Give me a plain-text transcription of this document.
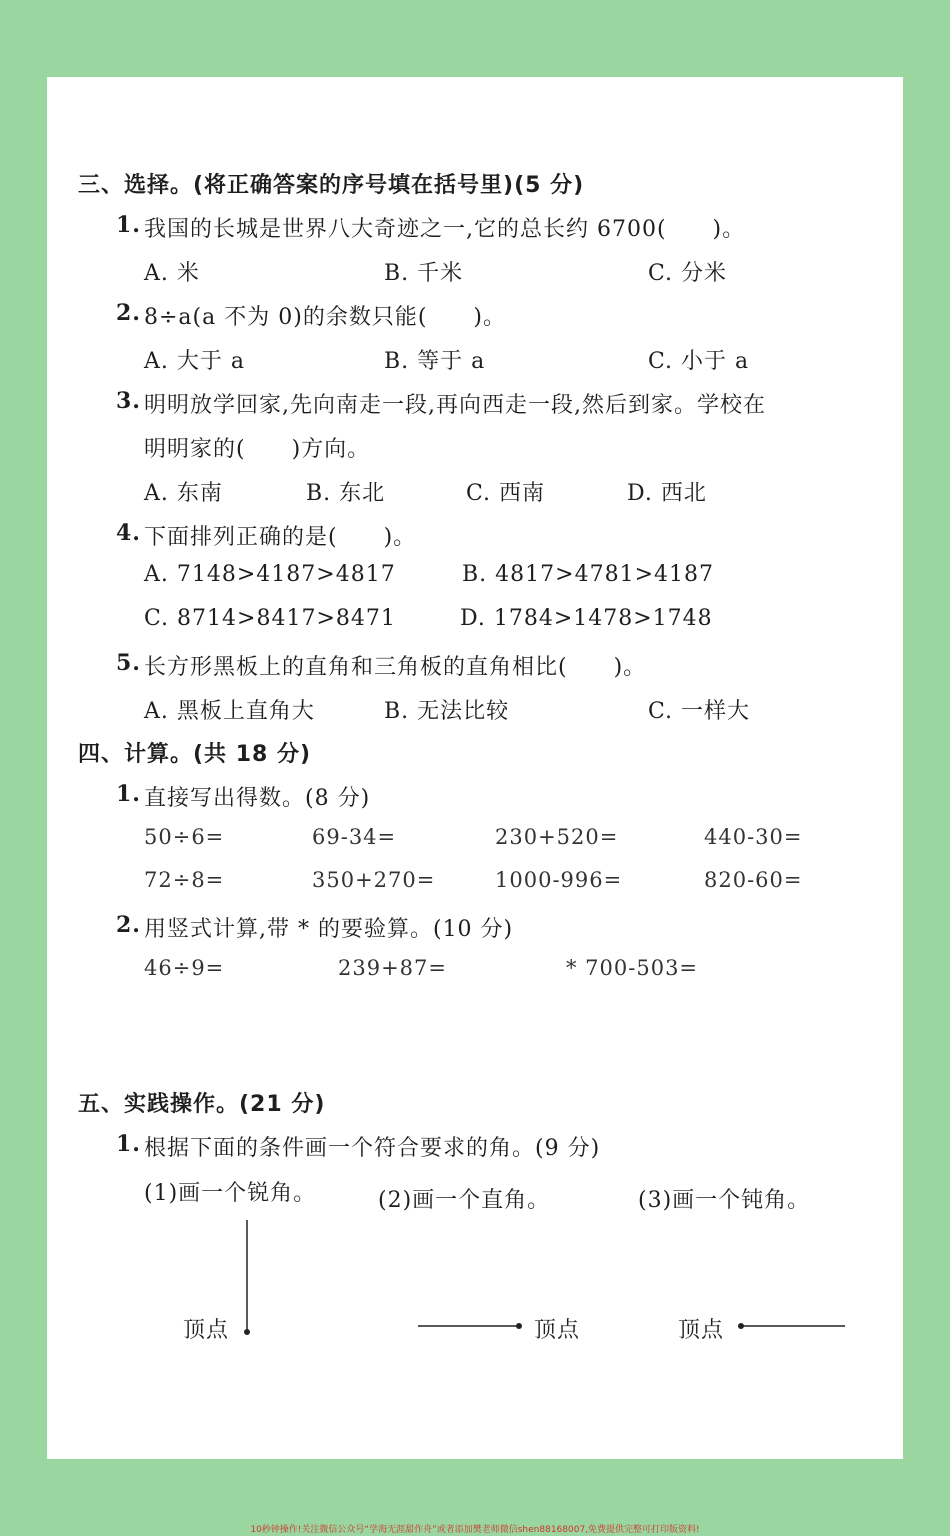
三、选择。(将正确答案的序号填在括号里)(5 分)
1. 我国的长城是世界八大奇迹之一,它的总长约 6700(　　)。
A. 米	B. 千米	C. 分米
2. 8÷a(a 不为 0)的余数只能(　　)。
A. 大于 a	B. 等于 a	C. 小于 a
3. 明明放学回家,先向南走一段,再向西走一段,然后到家。学校在
明明家的(　　)方向。
A. 东南	B. 东北	C. 西南	D. 西北
4. 下面排列正确的是(　　)。
A. 7148>4187>4817	B. 4817>4781>4187
C. 8714>8417>8471	D. 1784>1478>1748
5. 长方形黑板上的直角和三角板的直角相比(　　)。
A. 黑板上直角大	B. 无法比较	C. 一样大
四、计算。(共 18 分)
1. 直接写出得数。(8 分)
50÷6=	69-34=	230+520=	440-30=
72÷8=	350+270=	1000-996=	820-60=
2. 用竖式计算,带 * 的要验算。(10 分)
46÷9=	239+87=	* 700-503=
五、实践操作。(21 分)
1. 根据下面的条件画一个符合要求的角。(9 分)
(1)画一个锐角。	(2)画一个直角。	(3)画一个钝角。
顶点	顶点	顶点
10秒钟操作!关注微信公众号“学海无涯甜作舟”或者添加樊老师微信shen88168007,免费提供完整可打印版资料!
